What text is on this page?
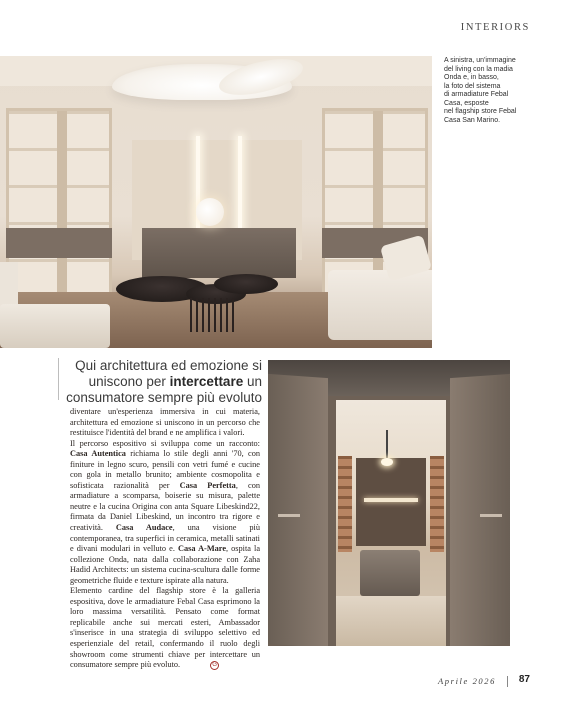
INTERIORS
A sinistra, un'immagine
del living con la madia
Onda e, in basso,
la foto del sistema
di armadiature Febal
Casa, esposte
nel flagship store Febal
Casa San Marino.
Qui architettura ed emozione si uniscono per intercettare un consumatore sempre più evoluto

diventare un'esperienza immersiva in cui materia, architettura ed emozione si uniscono in un percorso che restituisce l'identità del brand e ne amplifica i valori.

Il percorso espositivo si sviluppa come un racconto: Casa Autentica richiama lo stile degli anni '70, con finiture in legno scuro, pensili con vetri fumé e cucine con gola in metallo brunito; ambiente cosmopolita e sofisticata razionalità per Casa Perfetta, con armadiature a scomparsa, boiserie su misura, palette neutre e la cucina Origina con anta Square Libeskind22, firmata da Daniel Libeskind, un incontro tra rigore e creatività. Casa Audace, una visione più contemporanea, tra superfici in ceramica, metalli satinati e divani modulari in velluto e. Casa A-Mare, ospita la collezione Onda, nata dalla collaborazione con Zaha Hadid Architects: un sistema cucina-scultura dalle forme geometriche fluide e texture ispirate alla natura.

Elemento cardine del flagship store è la galleria espositiva, dove le armadiature Febal Casa esprimono la loro massima versatilità. Pensato come format replicabile anche sui mercati esteri, Ambassador s'inserisce in una strategia di sviluppo selettivo ed esperienziale del retail, confermando il ruolo degli showroom come strumenti chiave per intercettare un consumatore sempre più evoluto.	G

Aprile 2026 87
